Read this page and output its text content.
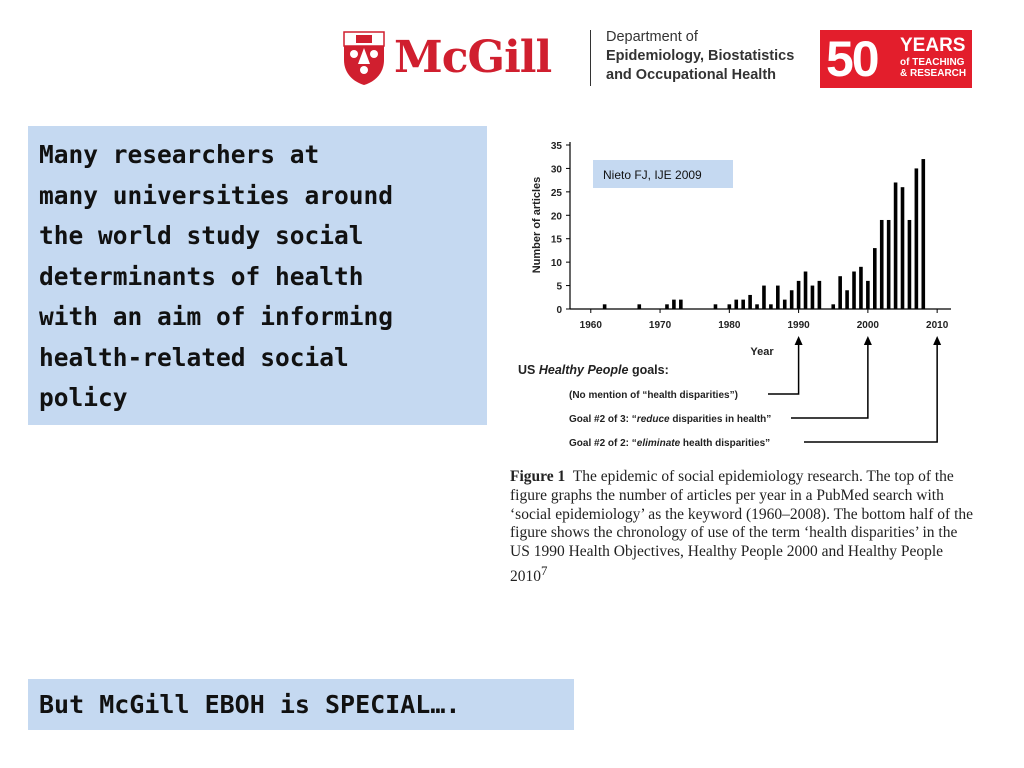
McGill	Department of
Epidemiology, Biostatistics
and Occupational Health	50 YEARS
of TEACHING
& RESEARCH
Many researchers at
many universities around
the world study social
determinants of health
with an aim of informing
health-related social
policy
But McGill EBOH is SPECIAL….
0
5
10
15
20
25
30
35
1960	1970	1980	1990	2000	2010
Number of articles
Year
Nieto FJ, IJE 2009
US Healthy People goals:
(No mention of “health disparities”)
Goal #2 of 3: “reduce disparities in health”
Goal #2 of 2: “eliminate health disparities”
Figure 1 The epidemic of social epidemiology research. The top of the figure graphs the number of articles per year in a PubMed search with ‘social epidemiology’ as the keyword (1960–2008). The bottom half of the figure shows the chronology of use of the term ‘health disparities’ in the US 1990 Health Objectives, Healthy People 2000 and Healthy People 2010$^7$
